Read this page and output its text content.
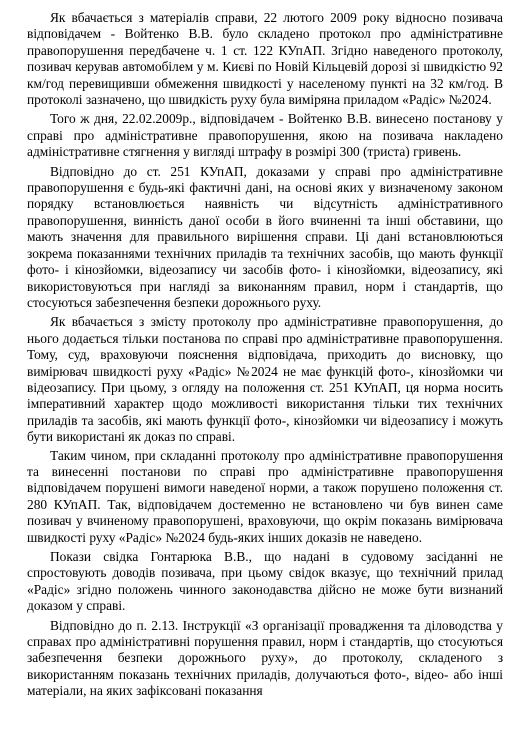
Як вбачається з матеріалів справи, 22 лютого 2009 року відносно позивача відповідачем - Войтенко В.В. було складено протокол про адміністративне правопорушення передбачене ч. 1 ст. 122 КУпАП. Згідно наведеного протоколу, позивач керував автомобілем у м. Києві по Новій Кільцевій дорозі зі швидкістю 92 км/год перевищивши обмеження швидкості у населеному пункті на 32 км/год. В протоколі зазначено, що швидкість руху була виміряна приладом «Радіс» №2024.

Того ж дня, 22.02.2009р., відповідачем - Войтенко В.В. винесено постанову у справі про адміністративне правопорушення, якою на позивача накладено адміністративне стягнення у вигляді штрафу в розмірі 300 (триста) гривень.

Відповідно до ст. 251 КУпАП, доказами у справі про адміністративне правопорушення є будь-які фактичні дані, на основі яких у визначеному законом порядку встановлюється наявність чи відсутність адміністративного правопорушення, винність даної особи в його вчиненні та інші обставини, що мають значення для правильного вирішення справи. Ці дані встановлюються зокрема показаннями технічних приладів та технічних засобів, що мають функції фото- і кінозйомки, відеозапису чи засобів фото- і кінозйомки, відеозапису, які використовуються при нагляді за виконанням правил, норм і стандартів, що стосуються забезпечення безпеки дорожнього руху.

Як вбачається з змісту протоколу про адміністративне правопорушення, до нього додається тільки постанова по справі про адміністративне правопорушення. Тому, суд, враховуючи пояснення відповідача, приходить до висновку, що вимірювач швидкості руху «Радіс» №2024 не має функцій фото-, кінозйомки чи відеозапису. При цьому, з огляду на положення ст. 251 КУпАП, ця норма носить імперативний характер щодо можливості використання тільки тих технічних приладів та засобів, які мають функції фото-, кінозйомки чи відеозапису і можуть бути використані як доказ по справі.

Таким чином, при складанні протоколу про адміністративне правопорушення та винесенні постанови по справі про адміністративне правопорушення відповідачем порушені вимоги наведеної норми, а також порушено положення ст. 280 КУпАП. Так, відповідачем достеменно не встановлено чи був винен саме позивач у вчиненому правопорушені, враховуючи, що окрім показань вимірювача швидкості руху «Радіс» №2024 будь-яких інших доказів не наведено.

Покази свідка Гонтарюка В.В., що надані в судовому засіданні не спростовують доводів позивача, при цьому свідок вказує, що технічний прилад «Радіс» згідно положень чинного законодавства дійсно не може бути визнаний доказом у справі.

Відповідно до п. 2.13. Інструкції «З організації провадження та діловодства у справах про адміністративні порушення правил, норм і стандартів, що стосуються забезпечення безпеки дорожнього руху», до протоколу, складеного з використанням показань технічних приладів, долучаються фото-, відео- або інші матеріали, на яких зафіксовані показання
